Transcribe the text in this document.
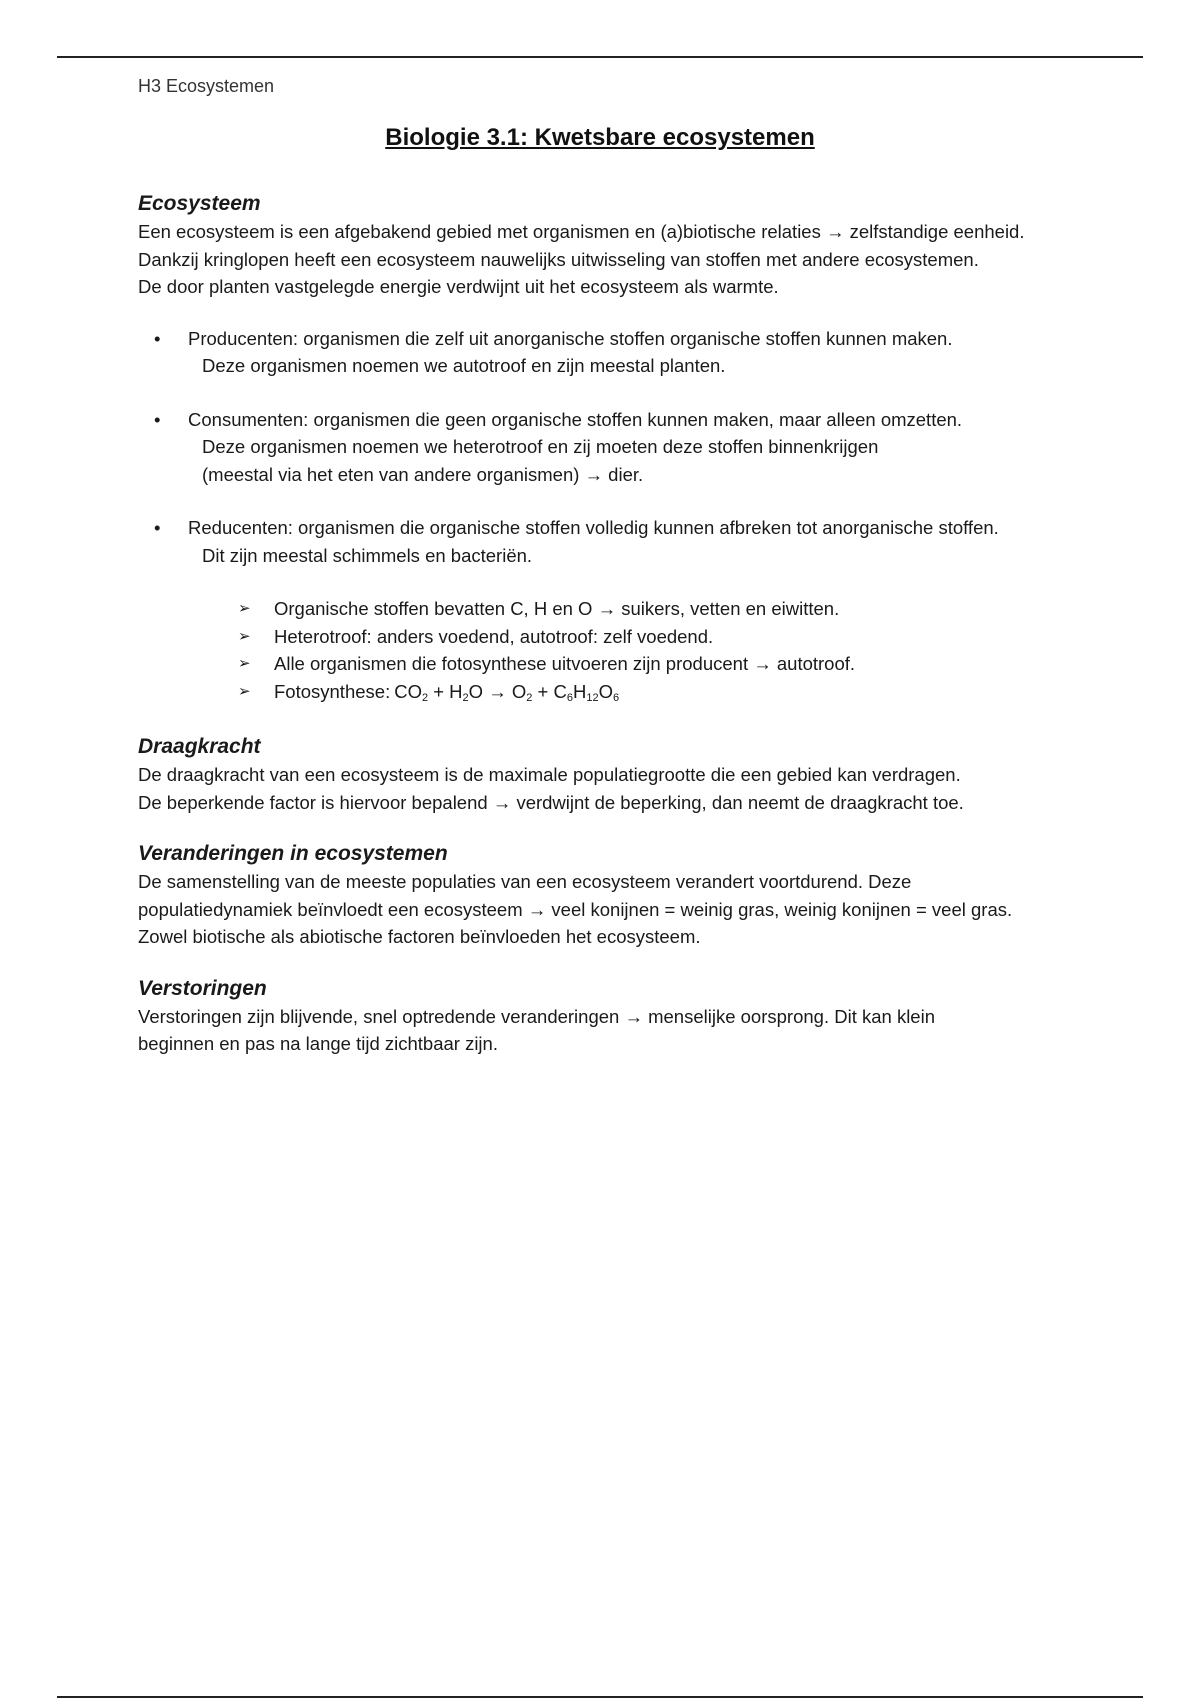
H3 Ecosystemen
Biologie 3.1: Kwetsbare ecosystemen
Ecosysteem

Een ecosysteem is een afgebakend gebied met organismen en (a)biotische relaties → zelfstandige eenheid.

Dankzij kringlopen heeft een ecosysteem nauwelijks uitwisseling van stoffen met andere ecosystemen.

De door planten vastgelegde energie verdwijnt uit het ecosysteem als warmte.

• Producenten: organismen die zelf uit anorganische stoffen organische stoffen kunnen maken.
Deze organismen noemen we autotroof en zijn meestal planten.
• Consumenten: organismen die geen organische stoffen kunnen maken, maar alleen omzetten.
Deze organismen noemen we heterotroof en zij moeten deze stoffen binnenkrijgen
(meestal via het eten van andere organismen) → dier.
• Reducenten: organismen die organische stoffen volledig kunnen afbreken tot anorganische stoffen.
Dit zijn meestal schimmels en bacteriën.
➢ Organische stoffen bevatten C, H en O → suikers, vetten en eiwitten.
➢ Heterotroof: anders voedend, autotroof: zelf voedend.
➢ Alle organismen die fotosynthese uitvoeren zijn producent → autotroof.
➢ Fotosynthese: $CO_2 + H_2O \to O_2 + C_6H_{12}O_6$
Draagkracht

De draagkracht van een ecosysteem is de maximale populatiegrootte die een gebied kan verdragen.

De beperkende factor is hiervoor bepalend → verdwijnt de beperking, dan neemt de draagkracht toe.

Veranderingen in ecosystemen

De samenstelling van de meeste populaties van een ecosysteem verandert voortdurend. Deze

populatiedynamiek beïnvloedt een ecosysteem → veel konijnen = weinig gras, weinig konijnen = veel gras.

Zowel biotische als abiotische factoren beïnvloeden het ecosysteem.

Verstoringen

Verstoringen zijn blijvende, snel optredende veranderingen → menselijke oorsprong. Dit kan klein

beginnen en pas na lange tijd zichtbaar zijn.
